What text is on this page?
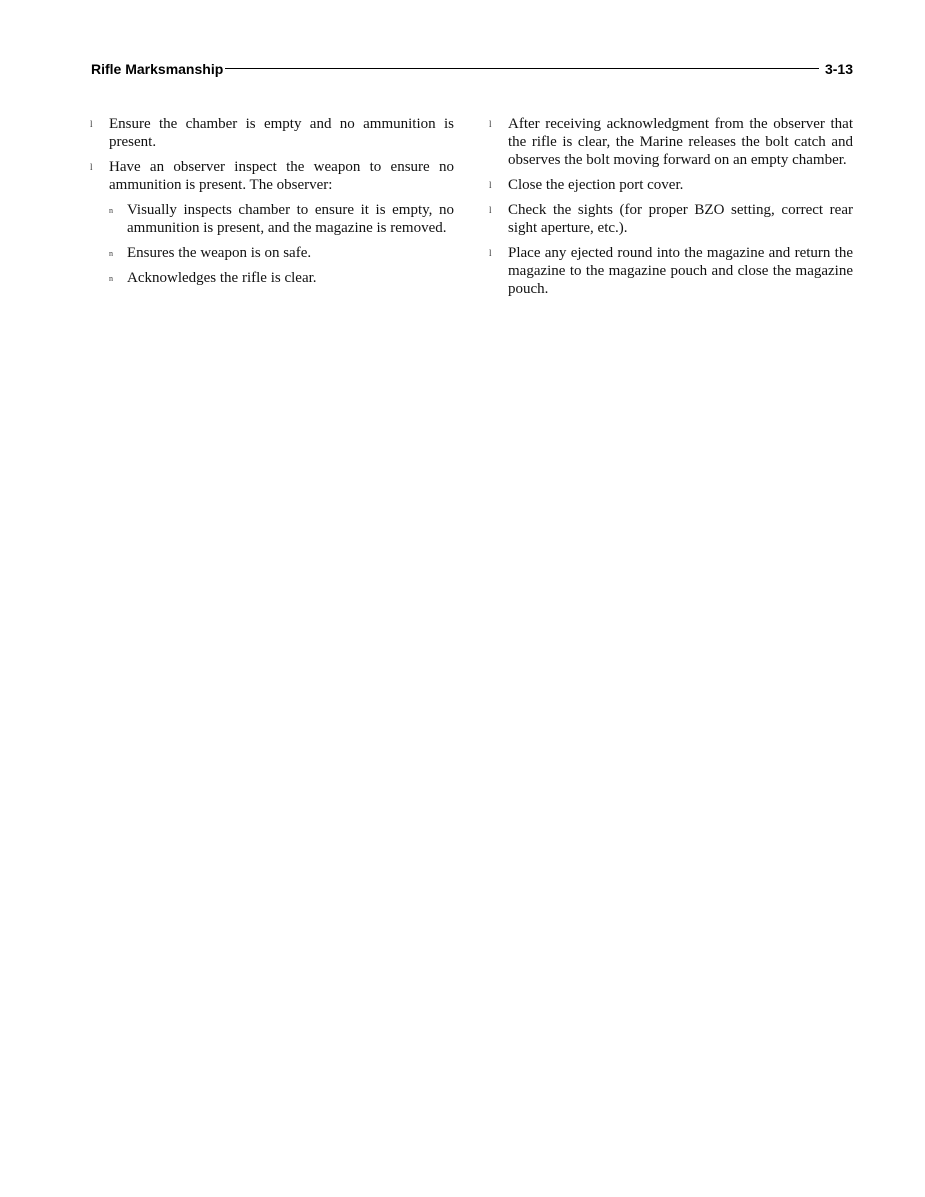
Rifle Marksmanship	3-13
l Ensure the chamber is empty and no ammunition is present.
l Have an observer inspect the weapon to ensure no ammunition is present. The observer:
n Visually inspects chamber to ensure it is empty, no ammunition is present, and the magazine is removed.
n Ensures the weapon is on safe.
n Acknowledges the rifle is clear.
l After receiving acknowledgment from the observer that the rifle is clear, the Marine releases the bolt catch and observes the bolt moving forward on an empty chamber.
l Close the ejection port cover.
l Check the sights (for proper BZO setting, correct rear sight aperture, etc.).
l Place any ejected round into the magazine and return the magazine to the magazine pouch and close the magazine pouch.
